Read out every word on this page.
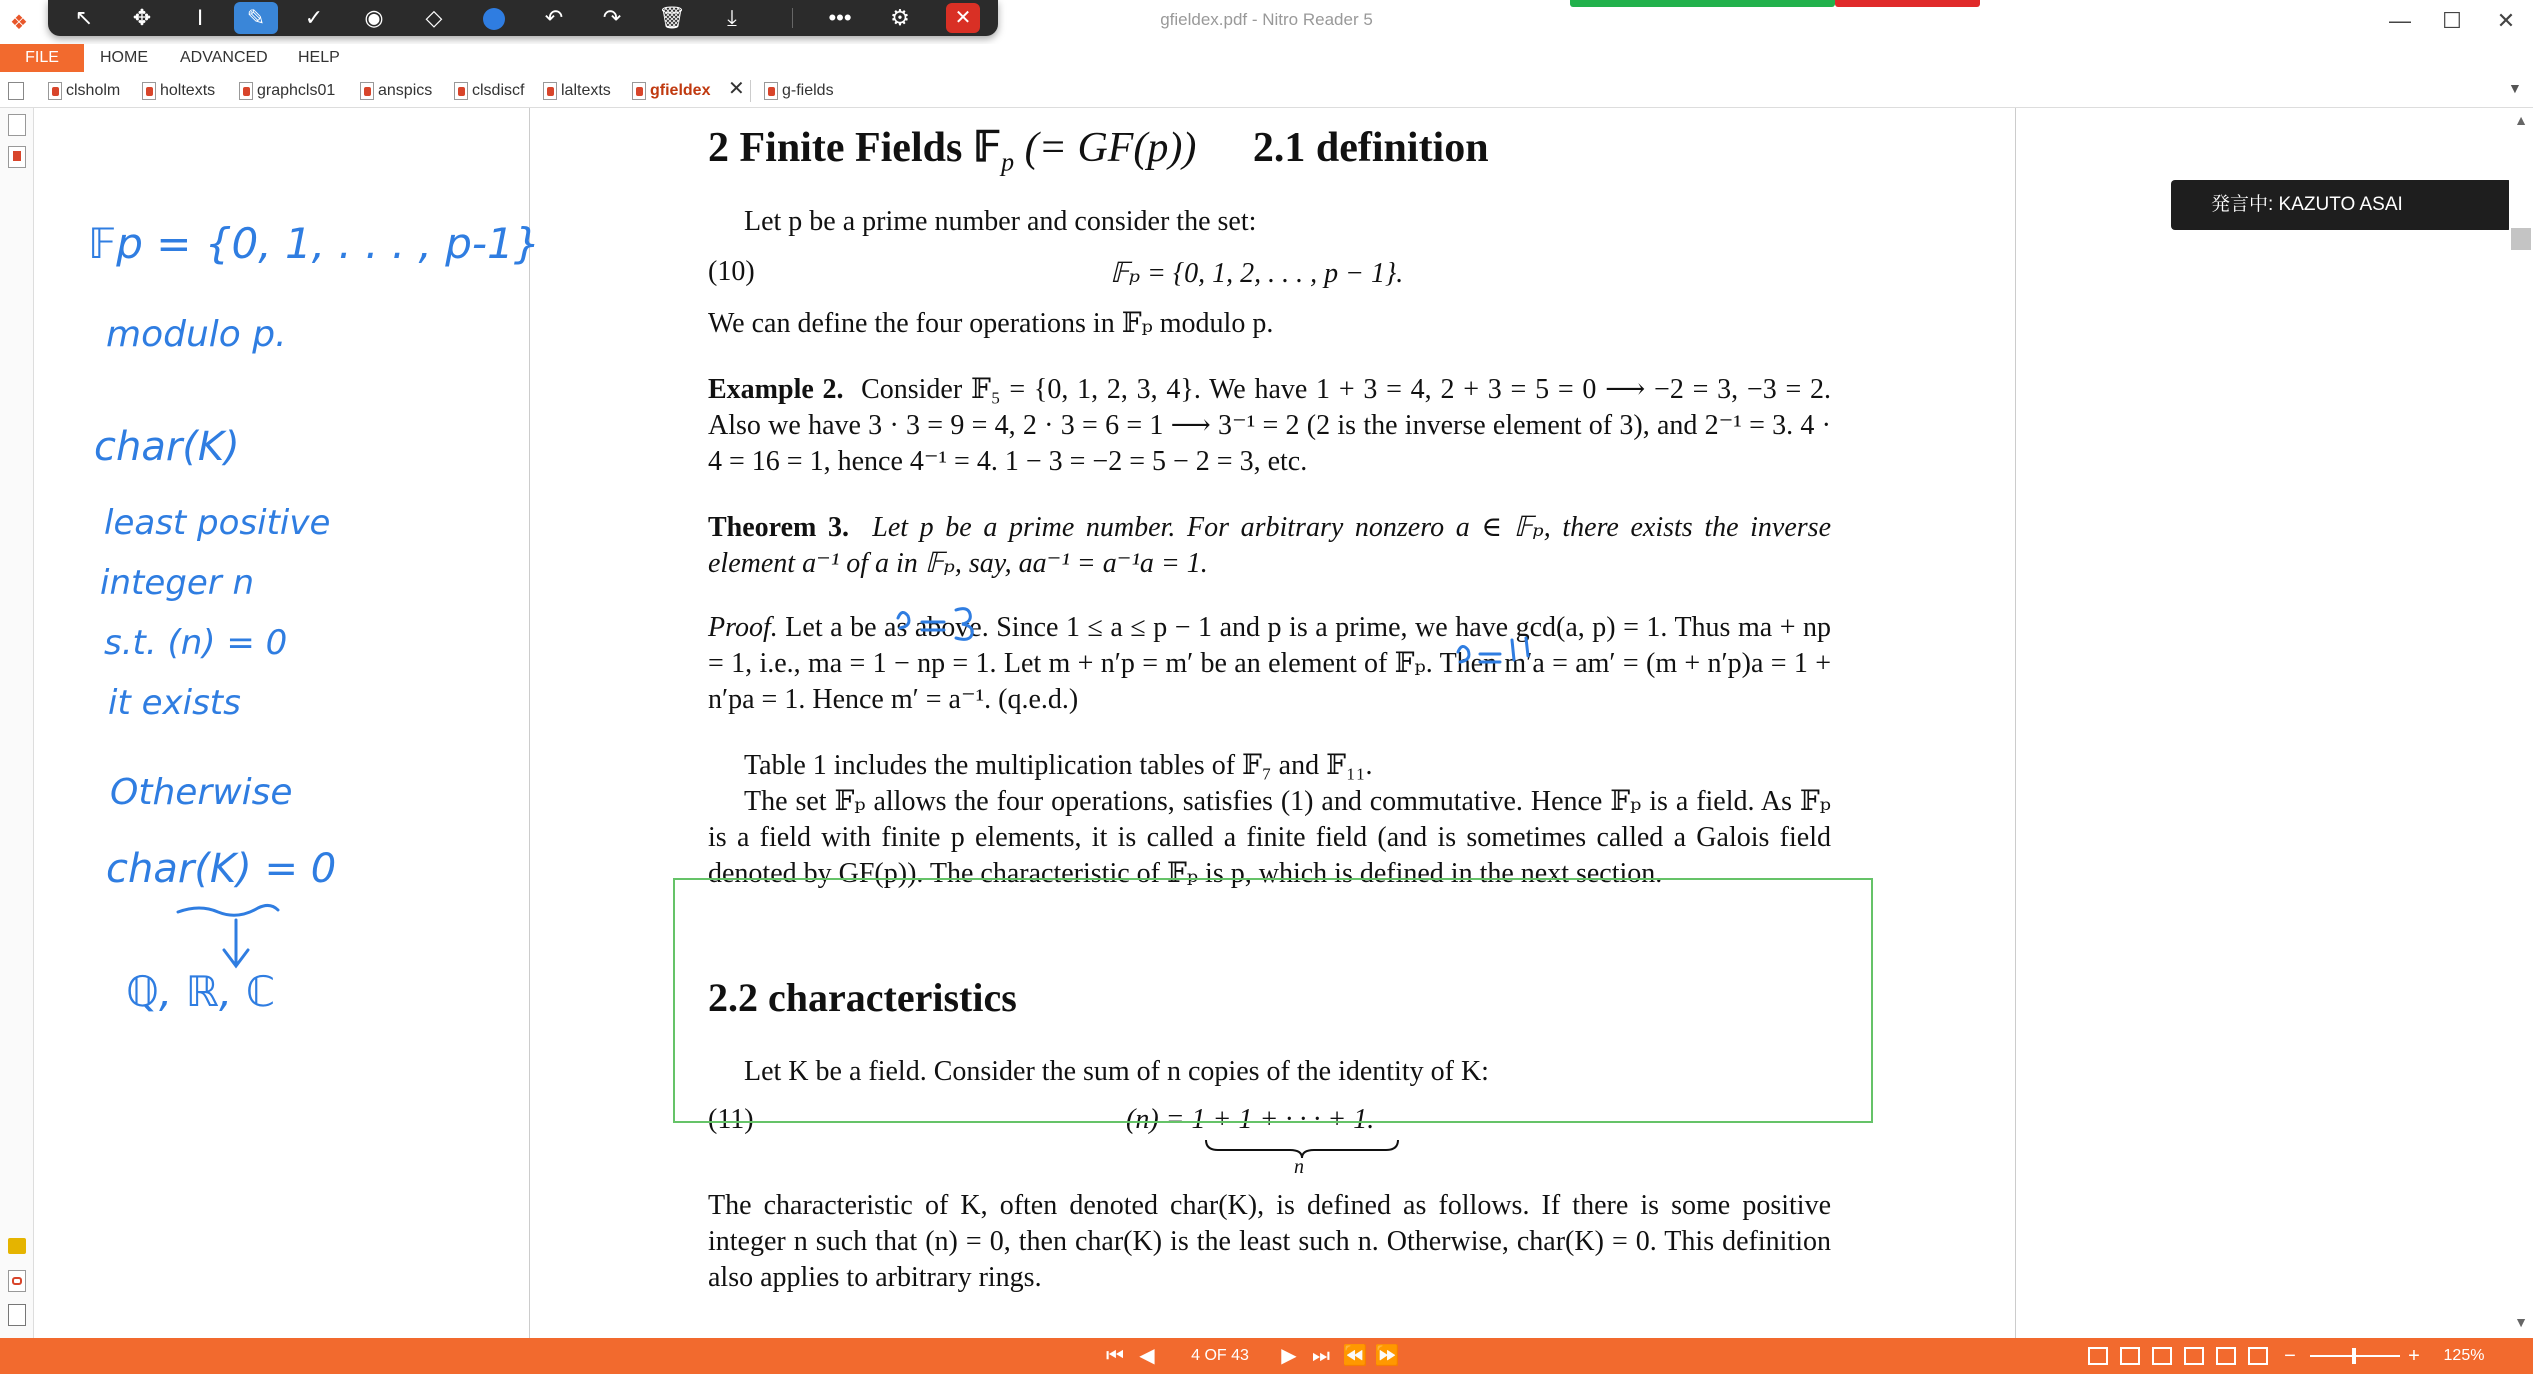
❖	gfieldex.pdf - Nitro Reader 5	—	☐	✕
↖	✥	I	✎	✓	◉	◇	↶	↷	🗑	⤓	•••	⚙	✕
FILE	HOME ADVANCED HELP
clsholm	holtexts	graphcls01	anspics	clsdiscf	laltexts	gfieldex ✕	g-fields	▼
2 Finite Fields 𝔽$_p$ (= GF(p)) 2.1 definition
Let p be a prime number and consider the set:
(10)	𝔽ₚ = {0, 1, 2, . . . , p − 1}.
We can define the four operations in 𝔽ₚ modulo p.
Example 2. Consider 𝔽₅ = {0, 1, 2, 3, 4}. We have 1 + 3 = 4, 2 + 3 = 5 = 0 ⟶ −2 = 3, −3 = 2. Also we have 3 · 3 = 9 = 4, 2 · 3 = 6 = 1 ⟶ 3⁻¹ = 2 (2 is the inverse element of 3), and 2⁻¹ = 3. 4 · 4 = 16 = 1, hence 4⁻¹ = 4. 1 − 3 = −2 = 5 − 2 = 3, etc.
Theorem 3. Let p be a prime number. For arbitrary nonzero a ∈ 𝔽ₚ, there exists the inverse element a⁻¹ of a in 𝔽ₚ, say, aa⁻¹ = a⁻¹a = 1.
Proof. Let a be as above. Since 1 ≤ a ≤ p − 1 and p is a prime, we have gcd(a, p) = 1. Thus ma + np = 1, i.e., ma = 1 − np = 1. Let m + n′p = m′ be an element of 𝔽ₚ. Then m′a = am′ = (m + n′p)a = 1 + n′pa = 1. Hence m′ = a⁻¹. (q.e.d.)
Table 1 includes the multiplication tables of 𝔽₇ and 𝔽₁₁.
The set 𝔽ₚ allows the four operations, satisfies (1) and commutative. Hence 𝔽ₚ is a field. As 𝔽ₚ is a field with finite p elements, it is called a finite field (and is sometimes called a Galois field denoted by GF(p)). The characteristic of 𝔽ₚ is p, which is defined in the next section.
2.2 characteristics
Let K be a field. Consider the sum of n copies of the identity of K:
(11)	(n) = 1 + 1 + · · · + 1.
n
The characteristic of K, often denoted char(K), is defined as follows. If there is some positive integer n such that (n) = 0, then char(K) is the least such n. Otherwise, char(K) = 0. This definition also applies to arbitrary rings.
𝔽p = {0, 1, . . . , p-1}
modulo p.
char(K)
least positive
integer n
s.t. (n) = 0
it exists
Otherwise
char(K) = 0
ℚ, ℝ, ℂ
発言中: KAZUTO ASAI
▲
▼
⏮ ◀	4 OF 43	▶ ⏭ ⏪ ⏩	−	+	125%
